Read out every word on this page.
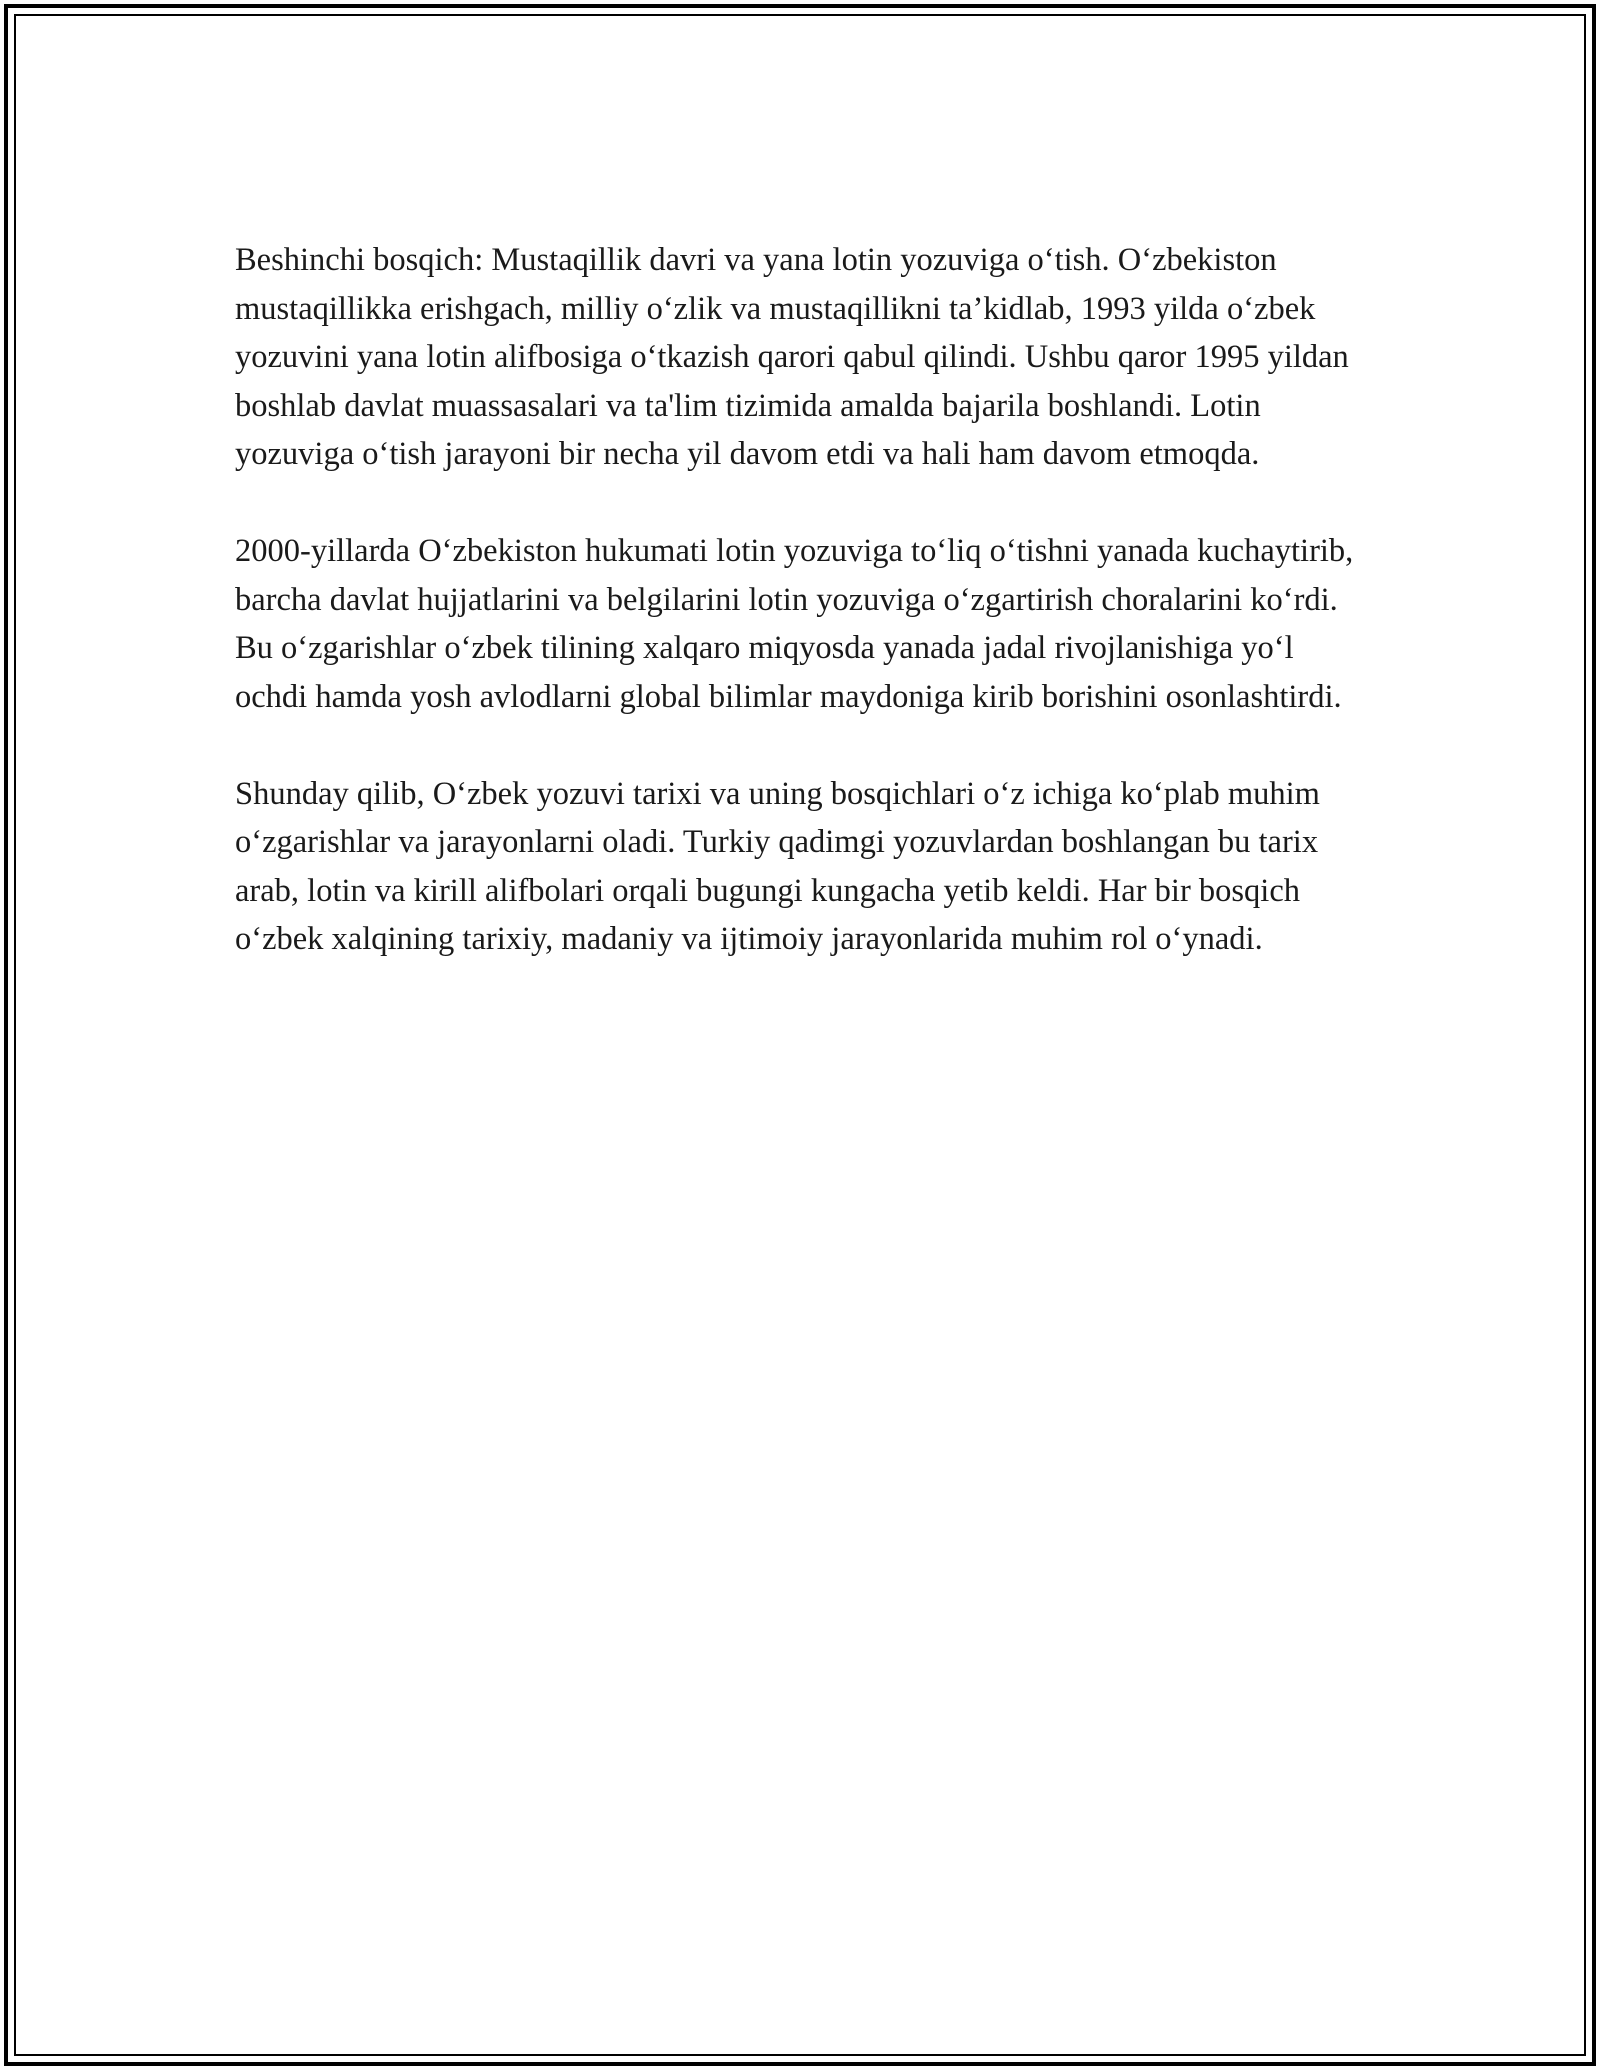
Beshinchi bosqich: Mustaqillik davri va yana lotin yozuviga o‘tish. O‘zbekiston mustaqillikka erishgach, milliy o‘zlik va mustaqillikni ta’kidlab, 1993 yilda o‘zbek yozuvini yana lotin alifbosiga o‘tkazish qarori qabul qilindi. Ushbu qaror 1995 yildan boshlab davlat muassasalari va ta'lim tizimida amalda bajarila boshlandi. Lotin yozuviga o‘tish jarayoni bir necha yil davom etdi va hali ham davom etmoqda.

2000-yillarda O‘zbekiston hukumati lotin yozuviga to‘liq o‘tishni yanada kuchaytirib, barcha davlat hujjatlarini va belgilarini lotin yozuviga o‘zgartirish choralarini ko‘rdi. Bu o‘zgarishlar o‘zbek tilining xalqaro miqyosda yanada jadal rivojlanishiga yo‘l ochdi hamda yosh avlodlarni global bilimlar maydoniga kirib borishini osonlashtirdi.

Shunday qilib, O‘zbek yozuvi tarixi va uning bosqichlari o‘z ichiga ko‘plab muhim o‘zgarishlar va jarayonlarni oladi. Turkiy qadimgi yozuvlardan boshlangan bu tarix arab, lotin va kirill alifbolari orqali bugungi kungacha yetib keldi. Har bir bosqich o‘zbek xalqining tarixiy, madaniy va ijtimoiy jarayonlarida muhim rol o‘ynadi.
